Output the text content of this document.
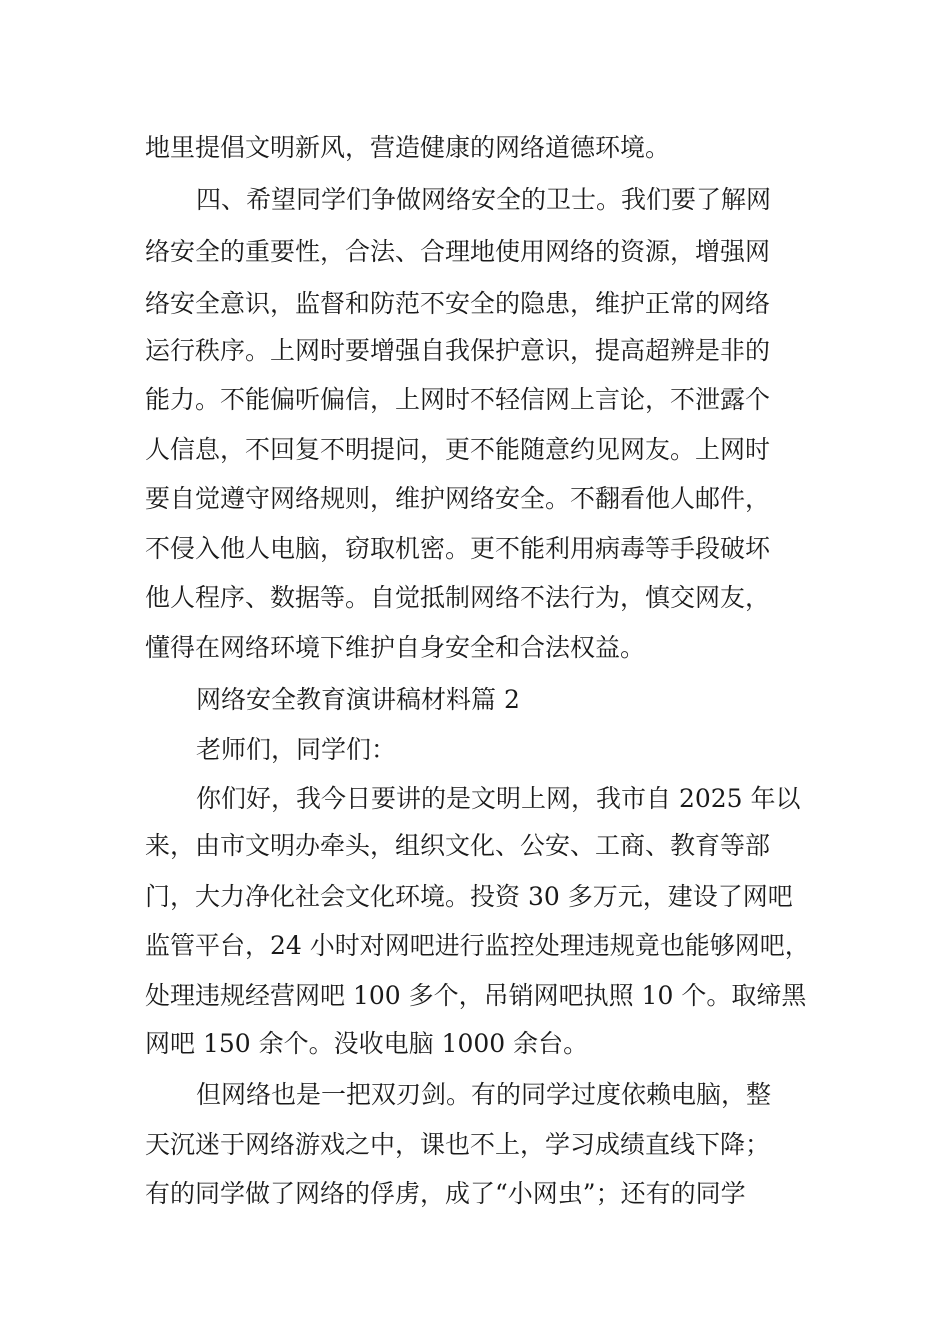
地里提倡文明新风，营造健康的网络道德环境。
四、希望同学们争做网络安全的卫士。我们要了解网
络安全的重要性，合法、合理地使用网络的资源，增强网
络安全意识，监督和防范不安全的隐患，维护正常的网络
运行秩序。上网时要增强自我保护意识，提高超辨是非的
能力。不能偏听偏信，上网时不轻信网上言论，不泄露个
人信息，不回复不明提问，更不能随意约见网友。上网时
要自觉遵守网络规则，维护网络安全。不翻看他人邮件，
不侵入他人电脑，窃取机密。更不能利用病毒等手段破坏
他人程序、数据等。自觉抵制网络不法行为，慎交网友，
懂得在网络环境下维护自身安全和合法权益。
网络安全教育演讲稿材料篇 2
老师们，同学们：
你们好，我今日要讲的是文明上网，我市自 2025 年以
来，由市文明办牵头，组织文化、公安、工商、教育等部
门，大力净化社会文化环境。投资 30 多万元，建设了网吧
监管平台，24 小时对网吧进行监控处理违规竟也能够网吧，
处理违规经营网吧 100 多个，吊销网吧执照 10 个。取缔黑
网吧 150 余个。没收电脑 1000 余台。
但网络也是一把双刃剑。有的同学过度依赖电脑，整
天沉迷于网络游戏之中，课也不上，学习成绩直线下降；
有的同学做了网络的俘虏，成了“小网虫”；还有的同学
